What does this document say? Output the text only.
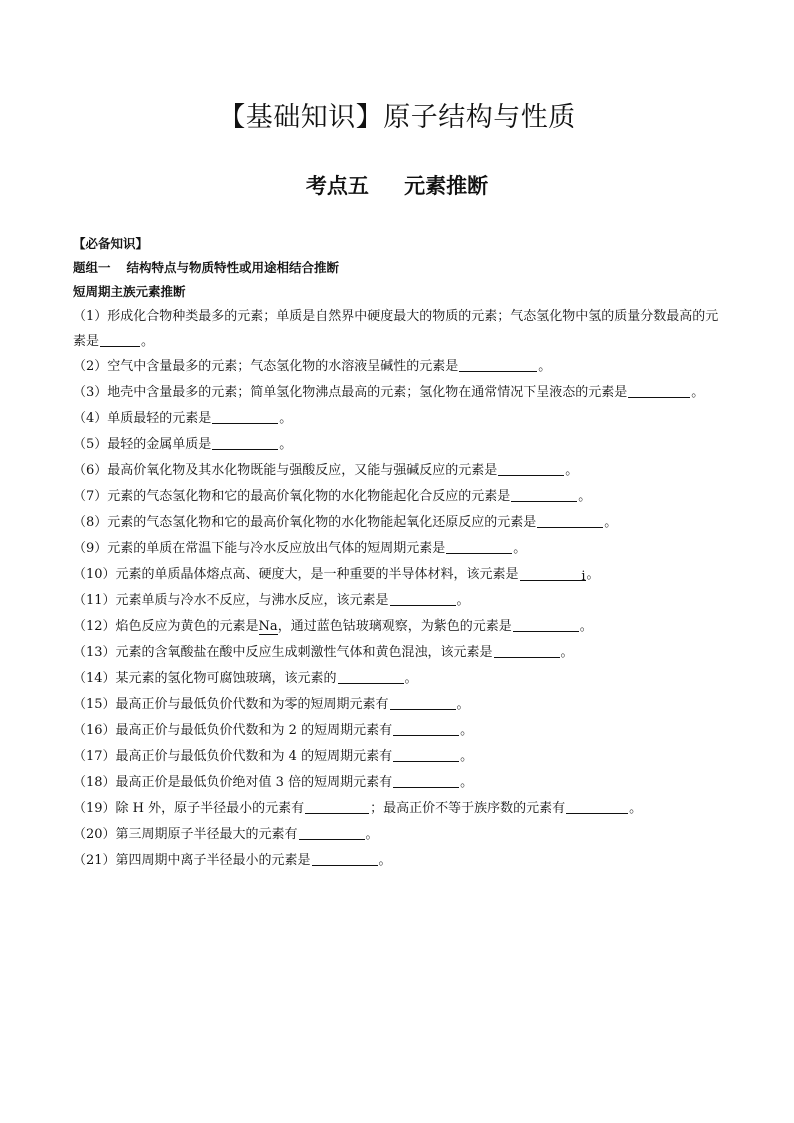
【基础知识】原子结构与性质
考点五 元素推断
【必备知识】
题组一 结构特点与物质特性或用途相结合推断
短周期主族元素推断
（1）形成化合物种类最多的元素；单质是自然界中硬度最大的物质的元素；气态氢化物中氢的质量分数最高的元素是	。
（2）空气中含量最多的元素；气态氢化物的水溶液呈碱性的元素是	。
（3）地壳中含量最多的元素；简单氢化物沸点最高的元素；氢化物在通常情况下呈液态的元素是	。
（4）单质最轻的元素是	。
（5）最轻的金属单质是	。
（6）最高价氧化物及其水化物既能与强酸反应，又能与强碱反应的元素是	。
（7）元素的气态氢化物和它的最高价氧化物的水化物能起化合反应的元素是	。
（8）元素的气态氢化物和它的最高价氧化物的水化物能起氧化还原反应的元素是	。
（9）元素的单质在常温下能与冷水反应放出气体的短周期元素是	。
（10）元素的单质晶体熔点高、硬度大，是一种重要的半导体材料，该元素是	i。
（11）元素单质与冷水不反应，与沸水反应，该元素是	。
（12）焰色反应为黄色的元素是Na，通过蓝色钴玻璃观察，为紫色的元素是	。
（13）元素的含氧酸盐在酸中反应生成刺激性气体和黄色混浊，该元素是	。
（14）某元素的氢化物可腐蚀玻璃，该元素的	。
（15）最高正价与最低负价代数和为零的短周期元素有	。
（16）最高正价与最低负价代数和为 2 的短周期元素有	。
（17）最高正价与最低负价代数和为 4 的短周期元素有	。
（18）最高正价是最低负价绝对值 3 倍的短周期元素有	。
（19）除 H 外，原子半径最小的元素有	；最高正价不等于族序数的元素有	。
（20）第三周期原子半径最大的元素有	。
（21）第四周期中离子半径最小的元素是	。
